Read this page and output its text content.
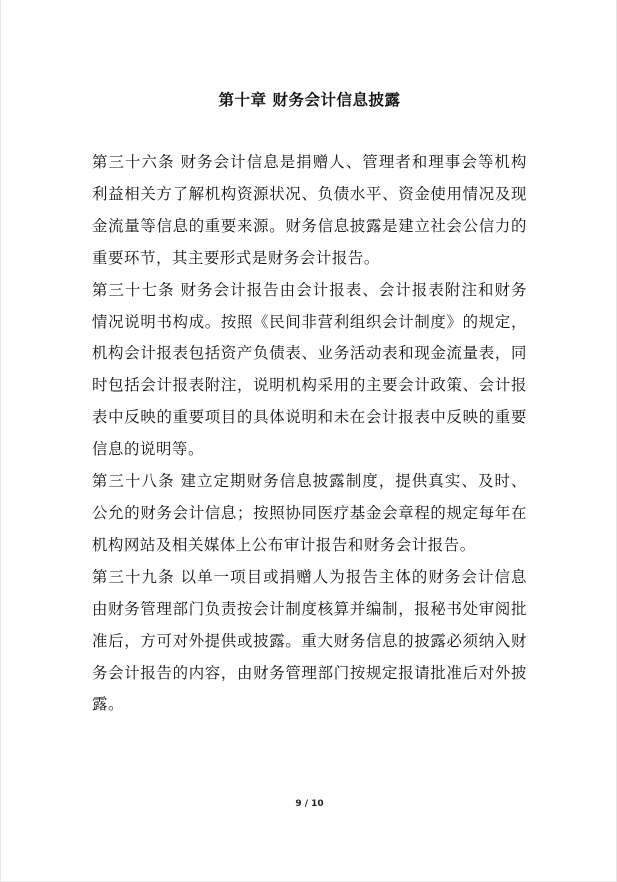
第十章 财务会计信息披露

第三十六条 财务会计信息是捐赠人、管理者和理事会等机构利益相关方了解机构资源状况、负债水平、资金使用情况及现金流量等信息的重要来源。财务信息披露是建立社会公信力的重要环节，其主要形式是财务会计报告。

第三十七条 财务会计报告由会计报表、会计报表附注和财务情况说明书构成。按照《民间非营利组织会计制度》的规定，机构会计报表包括资产负债表、业务活动表和现金流量表，同时包括会计报表附注，说明机构采用的主要会计政策、会计报表中反映的重要项目的具体说明和未在会计报表中反映的重要信息的说明等。

第三十八条 建立定期财务信息披露制度，提供真实、及时、公允的财务会计信息；按照协同医疗基金会章程的规定每年在机构网站及相关媒体上公布审计报告和财务会计报告。

第三十九条 以单一项目或捐赠人为报告主体的财务会计信息由财务管理部门负责按会计制度核算并编制，报秘书处审阅批准后，方可对外提供或披露。重大财务信息的披露必须纳入财务会计报告的内容，由财务管理部门按规定报请批准后对外披露。

9 / 10
